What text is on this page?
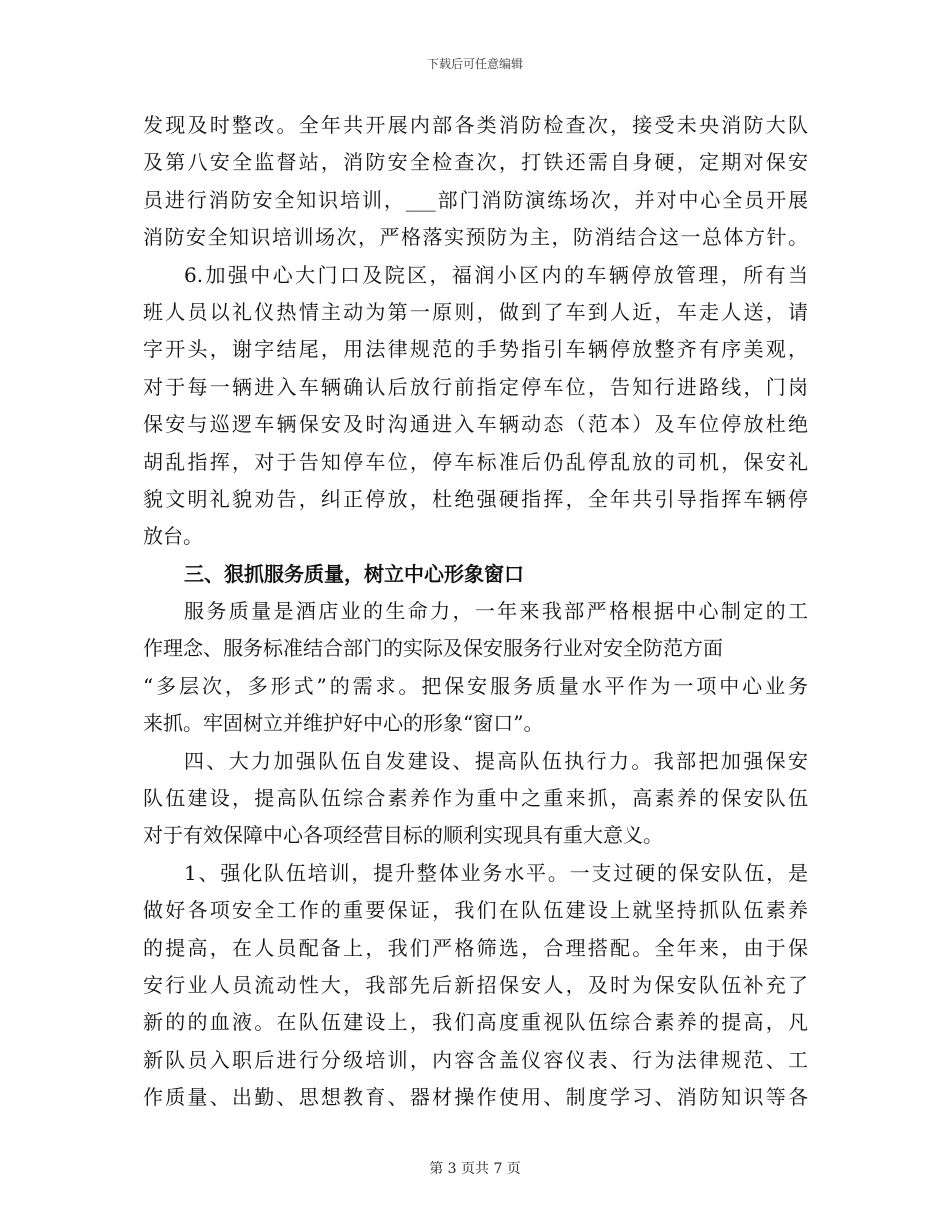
下载后可任意编辑
发现及时整改。全年共开展内部各类消防检查次，接受未央消防大队
及第八安全监督站，消防安全检查次，打铁还需自身硬，定期对保安
员进行消防安全知识培训，___部门消防演练场次，并对中心全员开展
消防安全知识培训场次，严格落实预防为主，防消结合这一总体方针。
6.加强中心大门口及院区，福润小区内的车辆停放管理，所有当
班人员以礼仪热情主动为第一原则，做到了车到人近，车走人送，请
字开头，谢字结尾，用法律规范的手势指引车辆停放整齐有序美观，
对于每一辆进入车辆确认后放行前指定停车位，告知行进路线，门岗
保安与巡逻车辆保安及时沟通进入车辆动态（范本）及车位停放杜绝
胡乱指挥，对于告知停车位，停车标准后仍乱停乱放的司机，保安礼
貌文明礼貌劝告，纠正停放，杜绝强硬指挥，全年共引导指挥车辆停
放台。
三、狠抓服务质量，树立中心形象窗口
服务质量是酒店业的生命力，一年来我部严格根据中心制定的工
作理念、服务标准结合部门的实际及保安服务行业对安全防范方面
“多层次，多形式”的需求。把保安服务质量水平作为一项中心业务
来抓。牢固树立并维护好中心的形象“窗口”。
四、大力加强队伍自发建设、提高队伍执行力。我部把加强保安
队伍建设，提高队伍综合素养作为重中之重来抓，高素养的保安队伍
对于有效保障中心各项经营目标的顺利实现具有重大意义。
1、强化队伍培训，提升整体业务水平。一支过硬的保安队伍，是
做好各项安全工作的重要保证，我们在队伍建设上就坚持抓队伍素养
的提高，在人员配备上，我们严格筛选，合理搭配。全年来，由于保
安行业人员流动性大，我部先后新招保安人，及时为保安队伍补充了
新的的血液。在队伍建设上，我们高度重视队伍综合素养的提高，凡
新队员入职后进行分级培训，内容含盖仪容仪表、行为法律规范、工
作质量、出勤、思想教育、器材操作使用、制度学习、消防知识等各
第 3 页共 7 页
